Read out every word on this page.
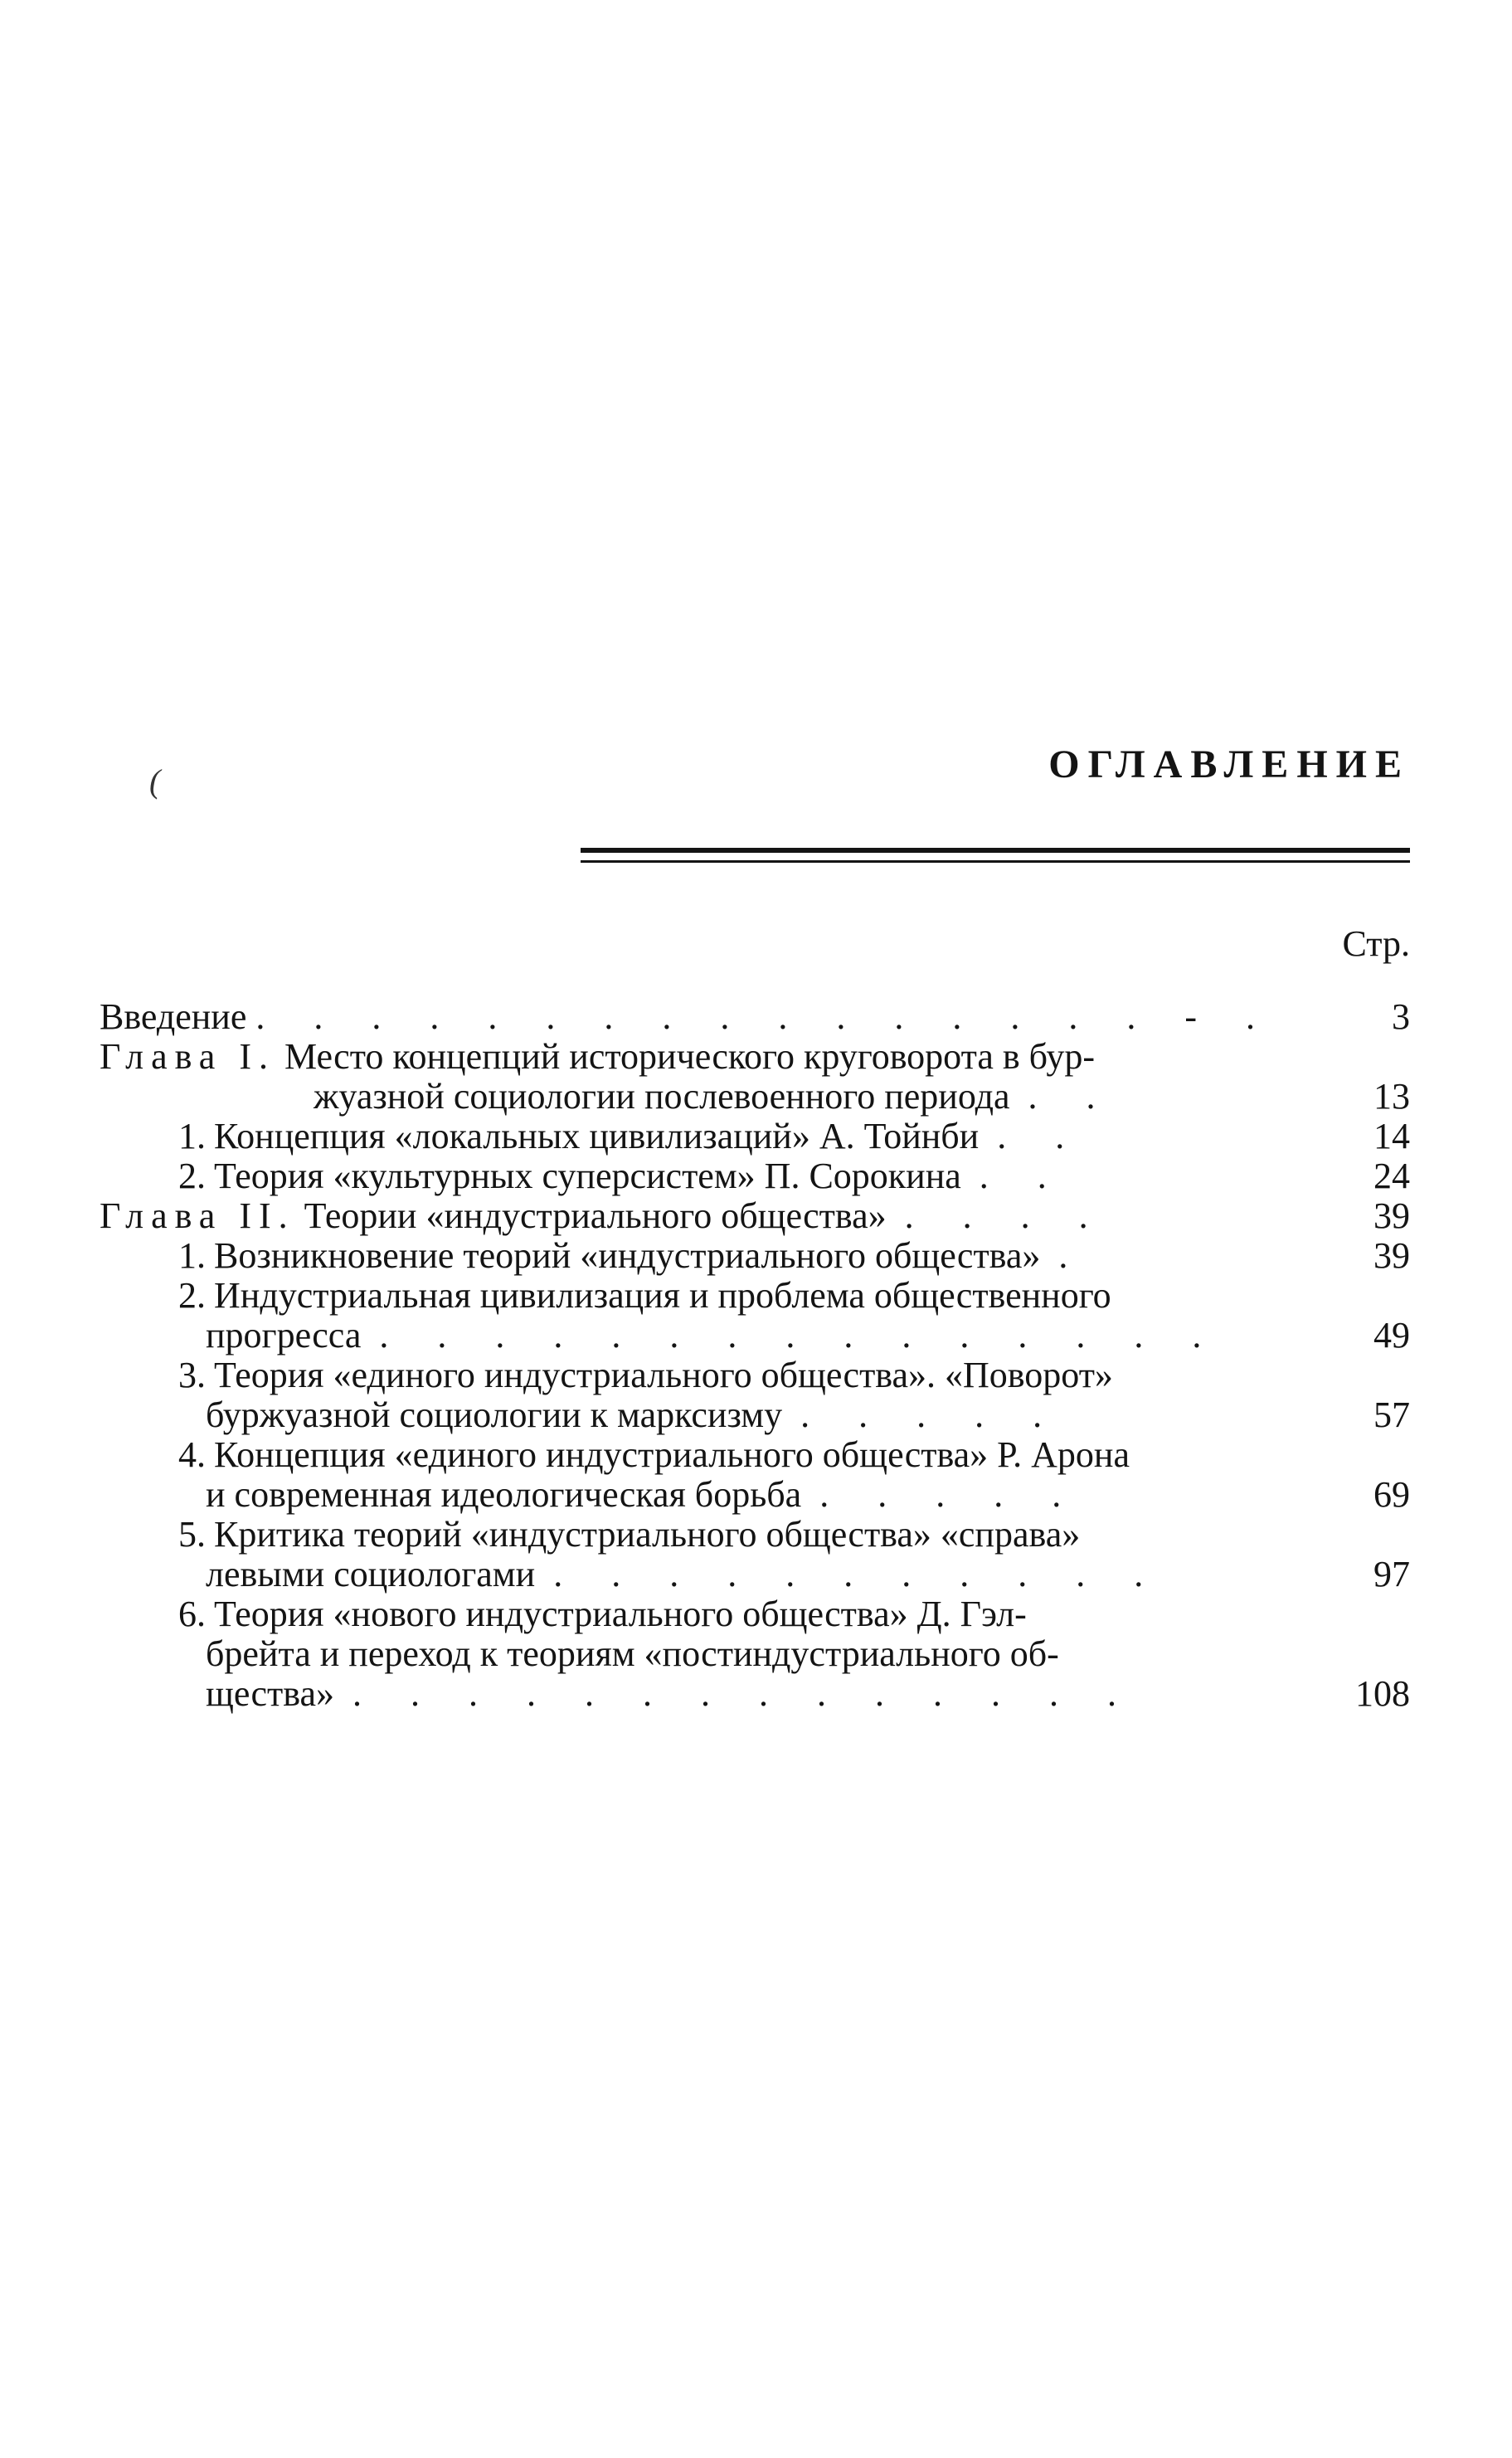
(	ОГЛАВЛЕНИЕ
Стр.
Введение . . . . . . . . . . . . . . . . - .	3
Глава I. Место концепций исторического круговорота в бур-
жуазной социологии послевоенного периода . .	13
1. Концепция «локальных цивилизаций» А. Тойнби . .	14
2. Теория «культурных суперсистем» П. Сорокина . .	24
Глава II. Теории «индустриального общества» . . . .	39
1. Возникновение теорий «индустриального общества» .	39
2. Индустриальная цивилизация и проблема общественного
прогресса . . . . . . . . . . . . . . .	49
3. Теория «единого индустриального общества». «Поворот»
буржуазной социологии к марксизму . . . . .	57
4. Концепция «единого индустриального общества» Р. Арона
и современная идеологическая борьба . . . . .	69
5. Критика теорий «индустриального общества» «справа»
левыми социологами . . . . . . . . . . .	97
6. Теория «нового индустриального общества» Д. Гэл-
брейта и переход к теориям «постиндустриального об-
щества» . . . . . . . . . . . . . .	108
